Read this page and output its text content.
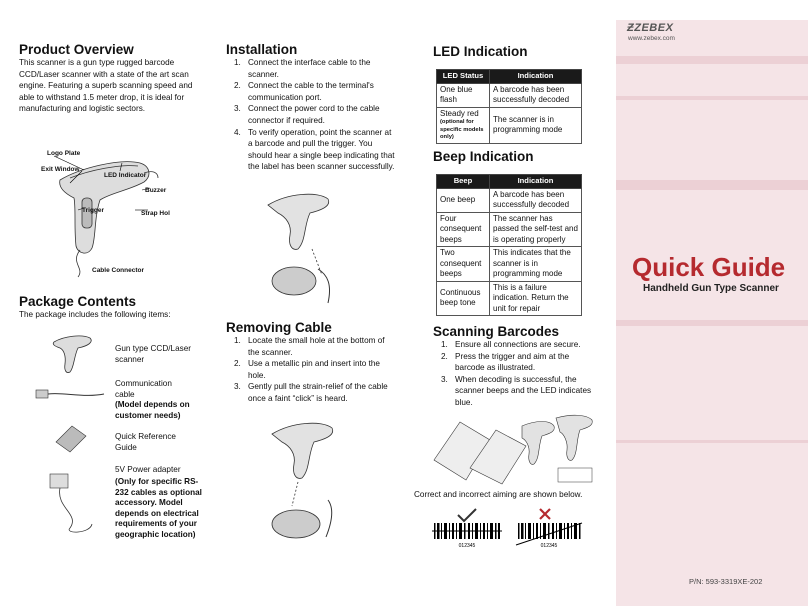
Product Overview
This scanner is a gun type rugged barcode CCD/Laser scanner with a state of the art scan engine. Featuring a superb scanning speed and able to withstand 1.5 meter drop, it is ideal for manufacturing and logistic sectors.
Logo Plate
Exit Window
LED Indicator
Buzzer
Trigger	Strap Hol
Cable Connector
Package Contents
The package includes the following items:
Gun type CCD/Laser scanner
Communication cable
(Model depends on customer needs)
Quick Reference Guide
5V Power adapter
(Only for specific RS-232 cables as optional accessory. Model depends on electrical requirements of your geographic location)
Installation
1. Connect the interface cable to the scanner.
2. Connect the cable to the terminal's communication port.
3. Connect the power cord to the cable connector if required.
4. To verify operation, point the scanner at a barcode and pull the trigger. You should hear a single beep indicating that the label has been scanner successfully.
Removing Cable
1. Locate the small hole at the bottom of the scanner.
2. Use a metallic pin and insert into the hole.
3. Gently pull the strain-relief of the cable once a faint “click” is heard.
LED Indication
LED Status	Indication
One blue flash	A barcode has been successfully decoded

Steady red
(optional for specific models only)	The scanner is in programming mode
Beep Indication
Beep	Indication
One beep	A barcode has been successfully decoded
Four consequent beeps	The scanner has passed the self-test and is operating properly
Two consequent beeps	This indicates that the scanner is in programming mode
Continuous beep tone	This is a failure indication. Return the unit for repair
Scanning Barcodes
1. Ensure all connections are secure.
2. Press the trigger and aim at the barcode as illustrated.
3. When decoding is successful, the scanner beeps and the LED indicates blue.
Correct and incorrect aiming are shown below.
012345	012345
ƵZEBEX
www.zebex.com
Quick Guide
Handheld Gun Type Scanner
P/N: 593-3319XE-202
